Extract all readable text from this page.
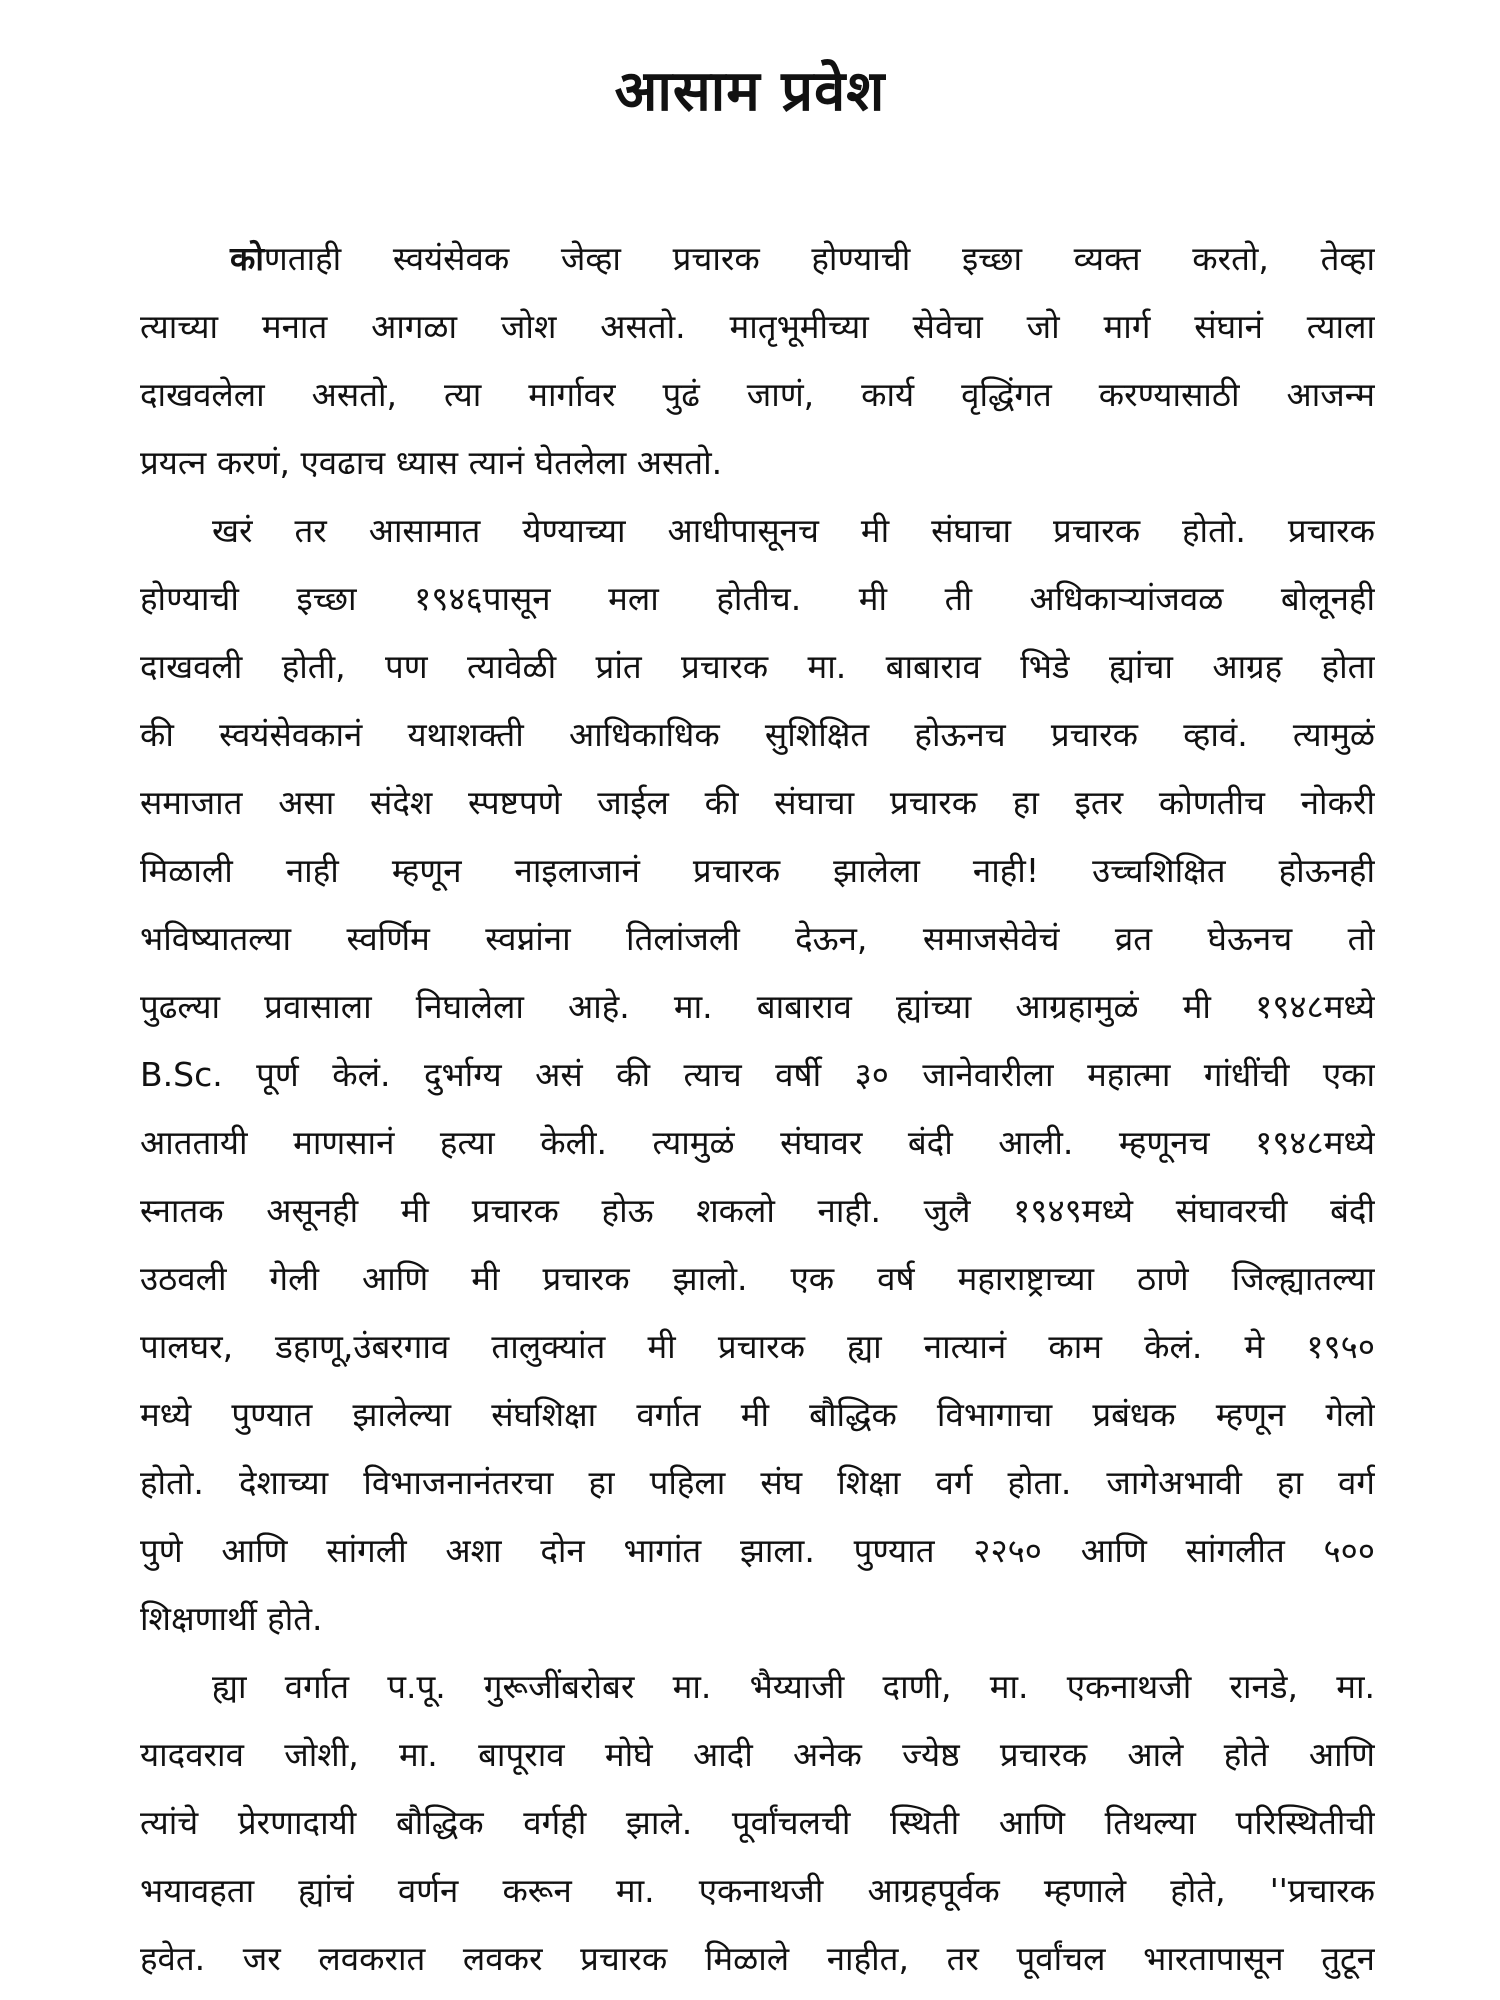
आसाम प्रवेश
कोणताही स्वयंसेवक जेव्हा प्रचारक होण्याची इच्छा व्यक्त करतो, तेव्हा
त्याच्या मनात आगळा जोश असतो. मातृभूमीच्या सेवेचा जो मार्ग संघानं त्याला
दाखवलेला असतो, त्या मार्गावर पुढं जाणं, कार्य वृद्धिंगत करण्यासाठी आजन्म
प्रयत्न करणं, एवढाच ध्यास त्यानं घेतलेला असतो.
खरं तर आसामात येण्याच्या आधीपासूनच मी संघाचा प्रचारक होतो. प्रचारक
होण्याची इच्छा १९४६पासून मला होतीच. मी ती अधिकाऱ्यांजवळ बोलूनही
दाखवली होती, पण त्यावेळी प्रांत प्रचारक मा. बाबाराव भिडे ह्यांचा आग्रह होता
की स्वयंसेवकानं यथाशक्ती आधिकाधिक सुशिक्षित होऊनच प्रचारक व्हावं. त्यामुळं
समाजात असा संदेश स्पष्टपणे जाईल की संघाचा प्रचारक हा इतर कोणतीच नोकरी
मिळाली नाही म्हणून नाइलाजानं प्रचारक झालेला नाही! उच्चशिक्षित होऊनही
भविष्यातल्या स्वर्णिम स्वप्नांना तिलांजली देऊन, समाजसेवेचं व्रत घेऊनच तो
पुढल्या प्रवासाला निघालेला आहे. मा. बाबाराव ह्यांच्या आग्रहामुळं मी १९४८मध्ये
B.Sc. पूर्ण केलं. दुर्भाग्य असं की त्याच वर्षी ३० जानेवारीला महात्मा गांधींची एका
आततायी माणसानं हत्या केली. त्यामुळं संघावर बंदी आली. म्हणूनच १९४८मध्ये
स्नातक असूनही मी प्रचारक होऊ शकलो नाही. जुलै १९४९मध्ये संघावरची बंदी
उठवली गेली आणि मी प्रचारक झालो. एक वर्ष महाराष्ट्राच्या ठाणे जिल्ह्यातल्या
पालघर, डहाणू,उंबरगाव तालुक्यांत मी प्रचारक ह्या नात्यानं काम केलं. मे १९५०
मध्ये पुण्यात झालेल्या संघशिक्षा वर्गात मी बौद्धिक विभागाचा प्रबंधक म्हणून गेलो
होतो. देशाच्या विभाजनानंतरचा हा पहिला संघ शिक्षा वर्ग होता. जागेअभावी हा वर्ग
पुणे आणि सांगली अशा दोन भागांत झाला. पुण्यात २२५० आणि सांगलीत ५००
शिक्षणार्थी होते.
ह्या वर्गात प.पू. गुरूजींबरोबर मा. भैय्याजी दाणी, मा. एकनाथजी रानडे, मा.
यादवराव जोशी, मा. बापूराव मोघे आदी अनेक ज्येष्ठ प्रचारक आले होते आणि
त्यांचे प्रेरणादायी बौद्धिक वर्गही झाले. पूर्वांचलची स्थिती आणि तिथल्या परिस्थितीची
भयावहता ह्यांचं वर्णन करून मा. एकनाथजी आग्रहपूर्वक म्हणाले होते, ''प्रचारक
हवेत. जर लवकरात लवकर प्रचारक मिळाले नाहीत, तर पूर्वांचल भारतापासून तुटून
